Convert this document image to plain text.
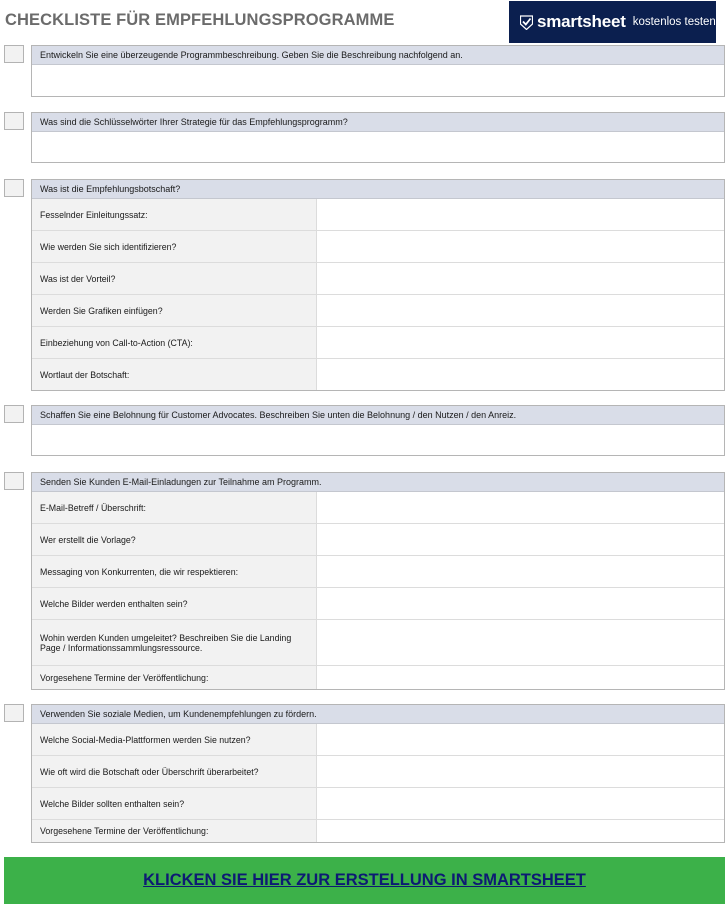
CHECKLISTE FÜR EMPFEHLUNGSPROGRAMME	smartsheet kostenlos testen
Entwickeln Sie eine überzeugende Programmbeschreibung. Geben Sie die Beschreibung nachfolgend an.
Was sind die Schlüsselwörter Ihrer Strategie für das Empfehlungsprogramm?
Was ist die Empfehlungsbotschaft?
Fesselnder Einleitungssatz:
Wie werden Sie sich identifizieren?
Was ist der Vorteil?
Werden Sie Grafiken einfügen?
Einbeziehung von Call-to-Action (CTA):
Wortlaut der Botschaft:
Schaffen Sie eine Belohnung für Customer Advocates. Beschreiben Sie unten die Belohnung / den Nutzen / den Anreiz.
Senden Sie Kunden E-Mail-Einladungen zur Teilnahme am Programm.
E-Mail-Betreff / Überschrift:
Wer erstellt die Vorlage?
Messaging von Konkurrenten, die wir respektieren:
Welche Bilder werden enthalten sein?
Wohin werden Kunden umgeleitet? Beschreiben Sie die Landing Page / Informationssammlungsressource.
Vorgesehene Termine der Veröffentlichung:
Verwenden Sie soziale Medien, um Kundenempfehlungen zu fördern.
Welche Social-Media-Plattformen werden Sie nutzen?
Wie oft wird die Botschaft oder Überschrift überarbeitet?
Welche Bilder sollten enthalten sein?
Vorgesehene Termine der Veröffentlichung:
KLICKEN SIE HIER ZUR ERSTELLUNG IN SMARTSHEET
